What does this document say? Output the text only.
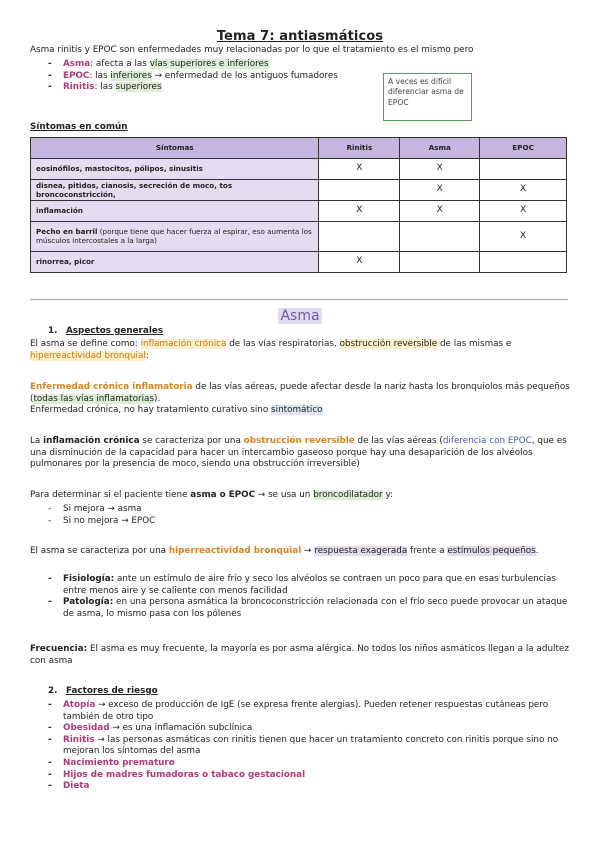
Tema 7: antiasmáticos

Asma rinitis y EPOC son enfermedades muy relacionadas por lo que el tratamiento es el mismo pero

- Asma: afecta a las vías superiores e inferiores
- EPOC: las inferiores → enfermedad de los antiguos fumadores
- Rinitis: las superiores
A veces es difícil diferenciar asma de EPOC
Síntomas en común
Síntomas	Rinitis	Asma	EPOC
eosinófilos, mastocitos, pólipos, sinusitis	X	X	
disnea, pitidos, cianosis, secreción de moco, tos broncoconstricción,		X	X
inflamación	X	X	X
Pecho en barril (porque tiene que hacer fuerza al espirar, eso aumenta los músculos intercostales a la larga)			X
rinorrea, picor	X		
Asma
1. Aspectos generales

El asma se define como: inflamación crónica de las vías respiratorias, obstrucción reversible de las mismas e hiperreactividad bronquial:

Enfermedad crónica inflamatoria de las vías aéreas, puede afectar desde la nariz hasta los bronquiolos más pequeños (todas las vías inflamatorias).
Enfermedad crónica, no hay tratamiento curativo sino sintomático

La inflamación crónica se caracteriza por una obstrucción reversible de las vías aéreas (diferencia con EPOC, que es una disminución de la capacidad para hacer un intercambio gaseoso porque hay una desaparición de los alvéolos pulmonares por la presencia de moco, siendo una obstrucción irreversible)

Para determinar si el paciente tiene asma o EPOC → se usa un broncodilatador y:

- Si mejora → asma
- Si no mejora → EPOC

El asma se caracteriza por una hiperreactividad bronquial → respuesta exagerada frente a estímulos pequeños.

- Fisiología: ante un estímulo de aire frío y seco los alvéolos se contraen un poco para que en esas turbulencias entre menos aire y se caliente con menos facilidad
- Patología: en una persona asmática la broncoconstricción relacionada con el frío seco puede provocar un ataque de asma, lo mismo pasa con los pólenes

Frecuencia: El asma es muy frecuente, la mayoría es por asma alérgica. No todos los niños asmáticos llegan a la adultez con asma

2. Factores de riesgo
- Atopía → exceso de producción de IgE (se expresa frente alergias). Pueden retener respuestas cutáneas pero también de otro tipo
- Obesidad → es una inflamación subclínica
- Rinitis → las personas asmáticas con rinitis tienen que hacer un tratamiento concreto con rinitis porque sino no mejoran los síntomas del asma
- Nacimiento prematuro
- Hijos de madres fumadoras o tabaco gestacional
- Dieta
